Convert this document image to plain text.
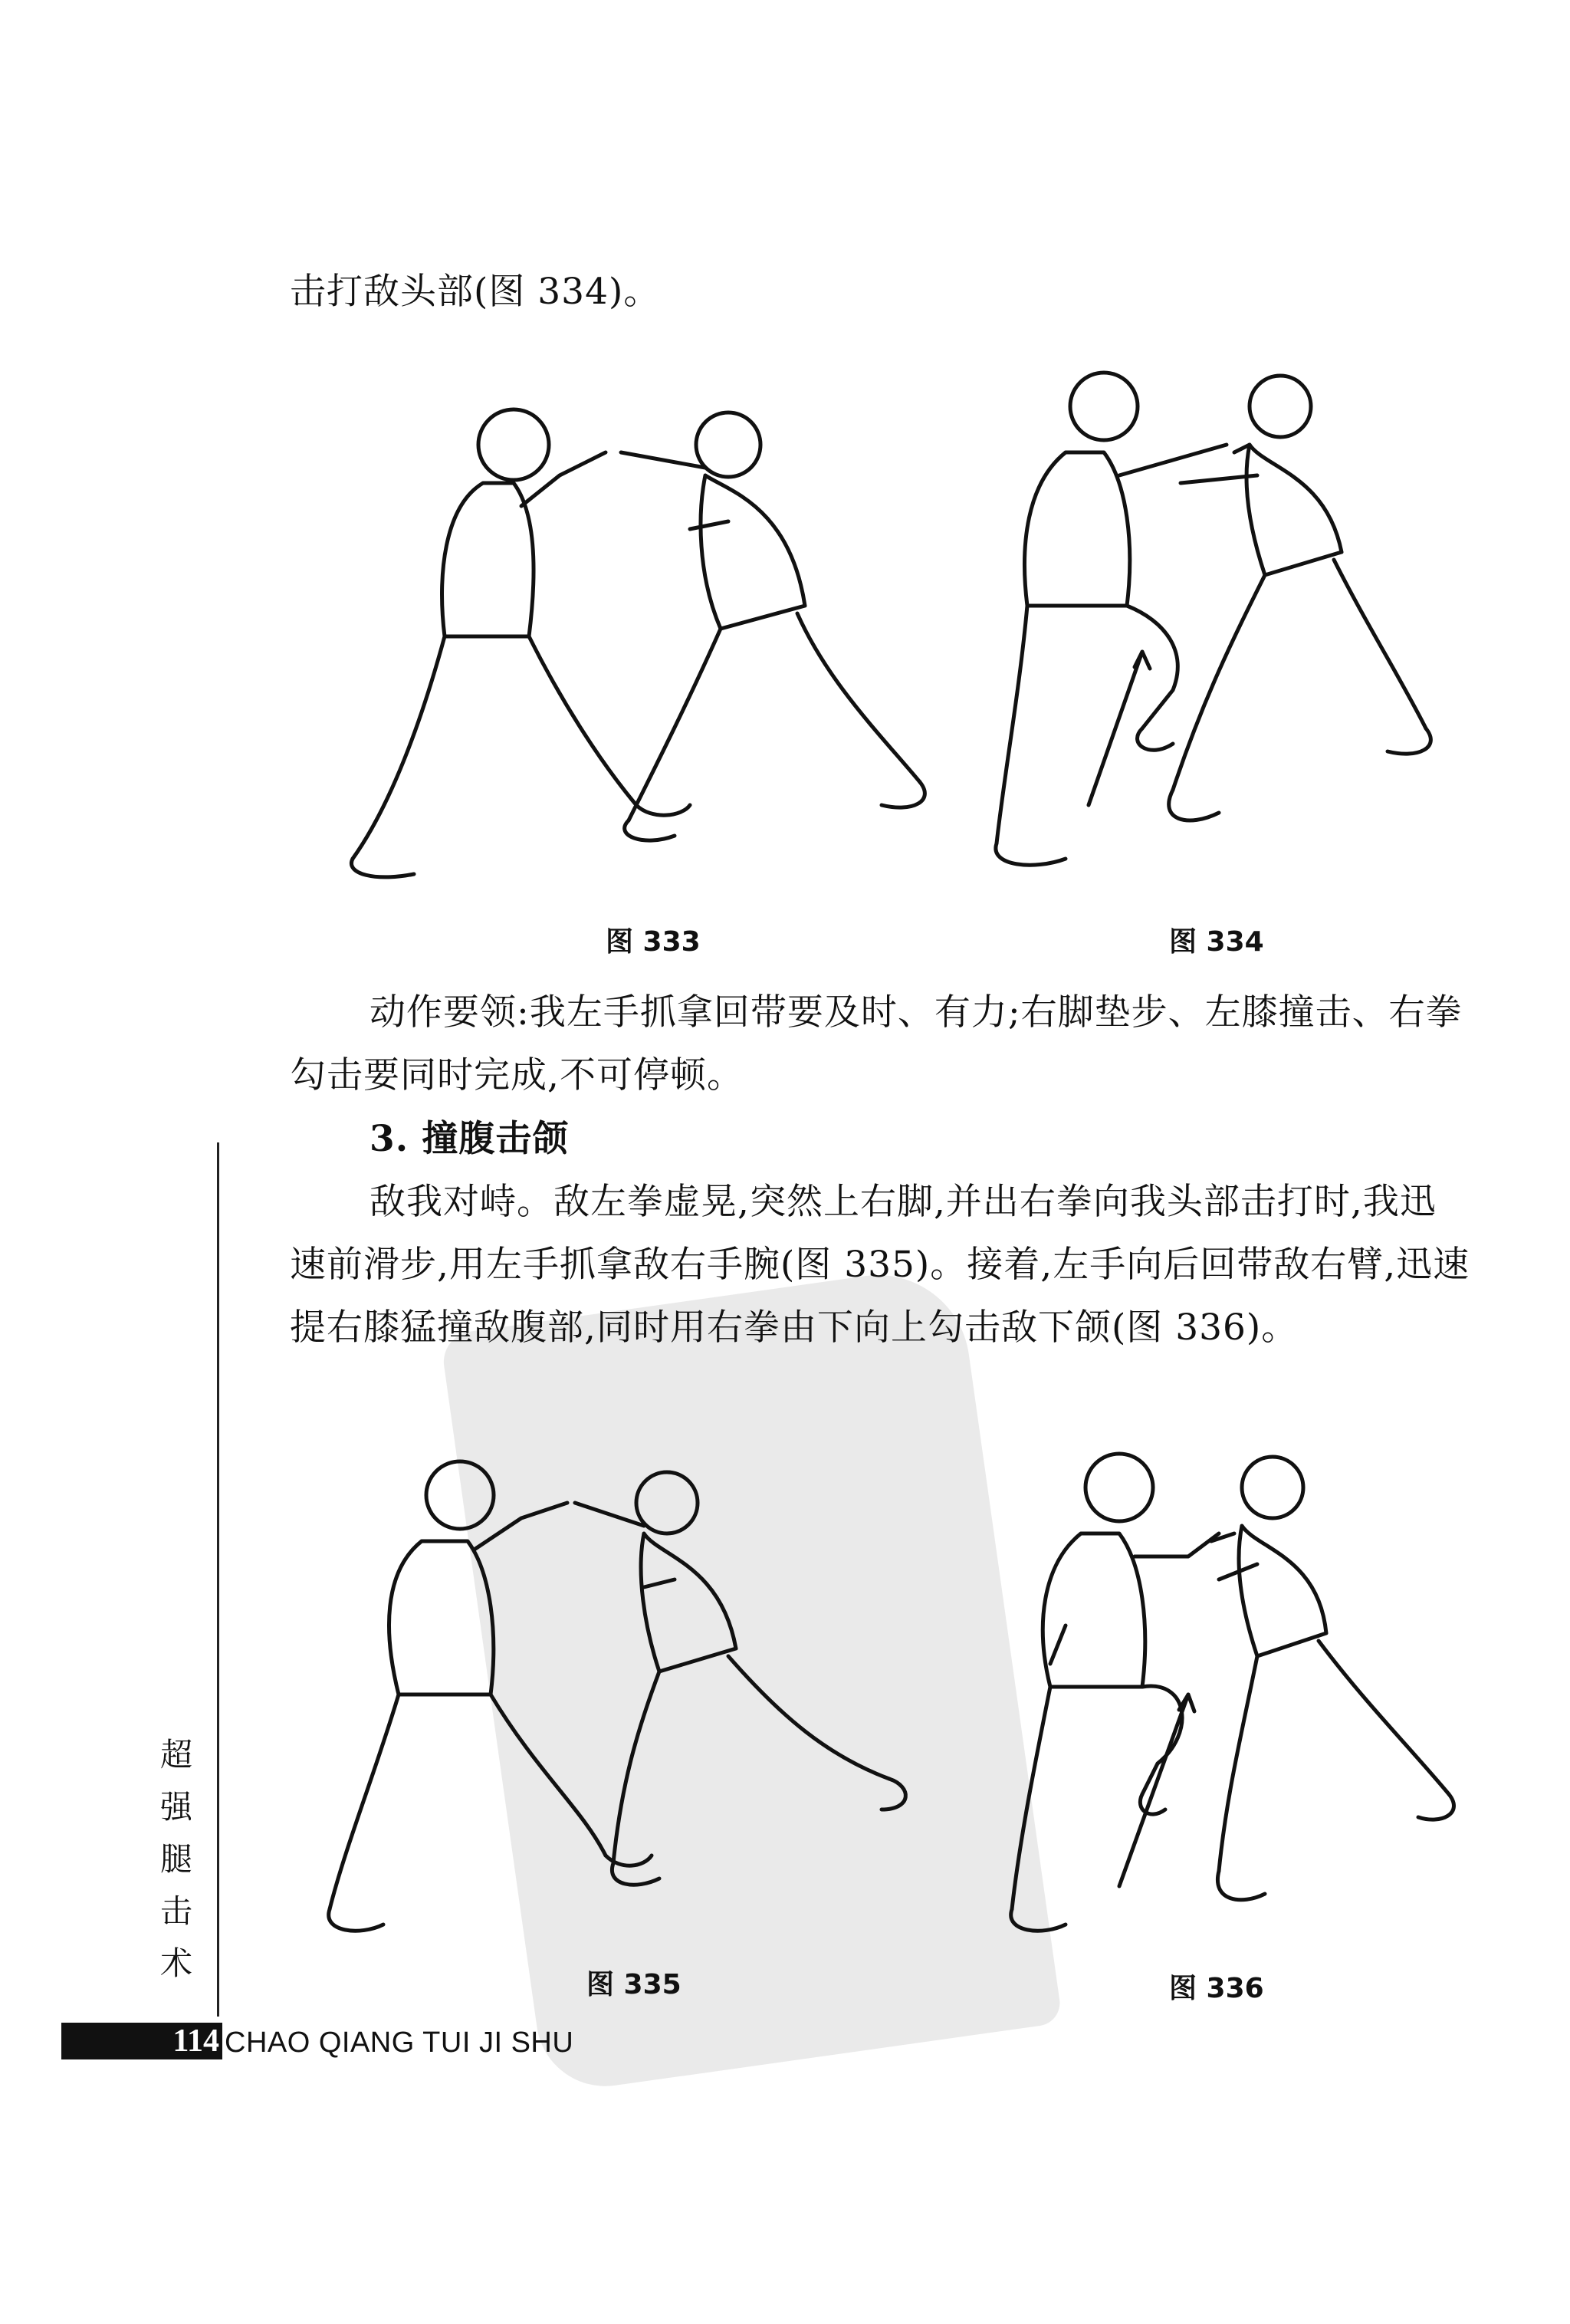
击打敌头部(图 334)。
图 333	图 334
动作要领:我左手抓拿回带要及时、有力;右脚垫步、左膝撞击、右拳勾击要同时完成,不可停顿。
3. 撞腹击颌
敌我对峙。敌左拳虚晃,突然上右脚,并出右拳向我头部击打时,我迅速前滑步,用左手抓拿敌右手腕(图 335)。接着,左手向后回带敌右臂,迅速提右膝猛撞敌腹部,同时用右拳由下向上勾击敌下颌(图 336)。
图 335	图 336
超
强
腿
击
术
114 CHAO QIANG TUI JI SHU
